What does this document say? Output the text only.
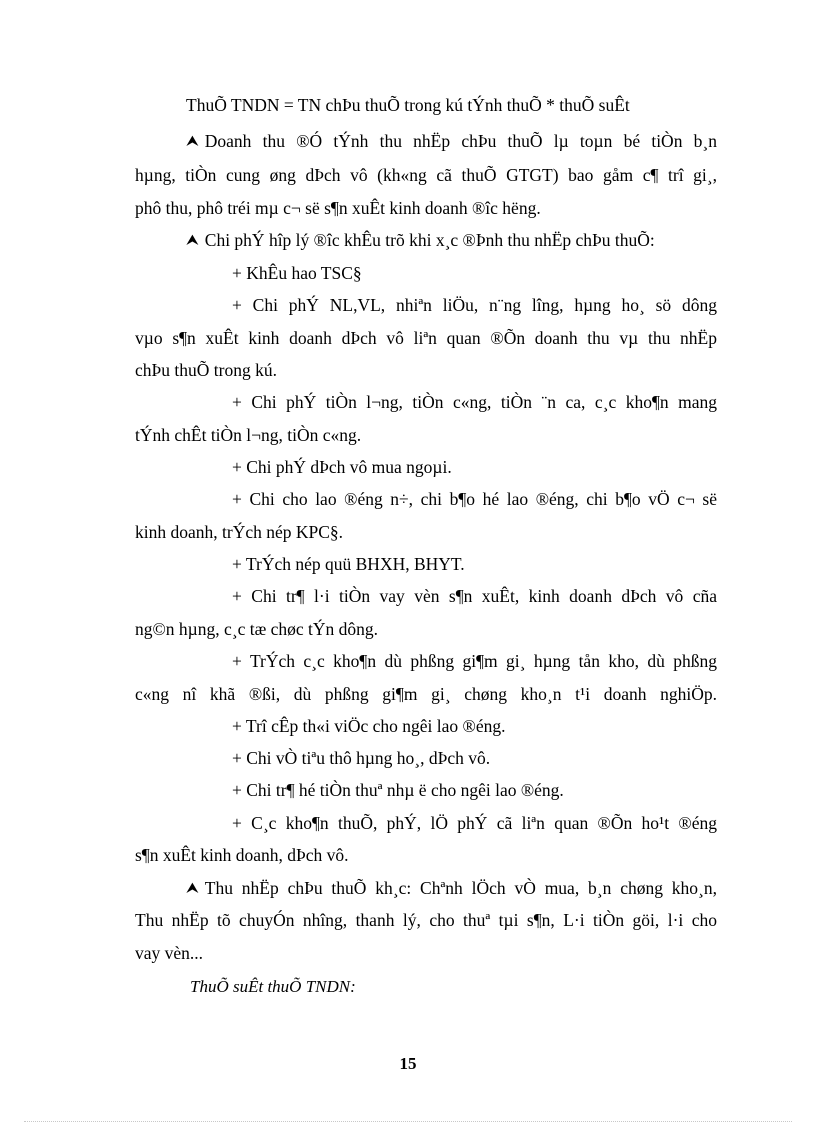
ThuÕ TNDN = TN chÞu thuÕ trong kú tÝnh thuÕ * thuÕ suÊt
⮝ Doanh thu ®Ó tÝnh thu nhËp chÞu thuÕ lµ toµn bé tiÒn b¸n
hµng, tiÒn cung øng dÞch vô (kh«ng cã thuÕ GTGT) bao gåm c¶ trî gi¸,
phô thu, phô tréi mµ c¬ së s¶n xuÊt kinh doanh ®îc hëng.
⮝ Chi phÝ hîp lý ®îc khÊu trõ khi x¸c ®Þnh thu nhËp chÞu thuÕ:
+ KhÊu hao TSC§
+ Chi phÝ NL,VL, nhiªn liÖu, n¨ng lîng, hµng ho¸ sö dông
vµo s¶n xuÊt kinh doanh dÞch vô liªn quan ®Õn doanh thu vµ thu nhËp
chÞu thuÕ trong kú.
+ Chi phÝ tiÒn l¬ng, tiÒn c«ng, tiÒn ¨n ca, c¸c kho¶n mang
tÝnh chÊt tiÒn l¬ng, tiÒn c«ng.
+ Chi phÝ dÞch vô mua ngoµi.
+ Chi cho lao ®éng n÷, chi b¶o hé lao ®éng, chi b¶o vÖ c¬ së
kinh doanh, trÝch nép KPC§.
+ TrÝch nép quü BHXH, BHYT.
+ Chi tr¶ l·i tiÒn vay vèn s¶n xuÊt, kinh doanh dÞch vô cña
ng©n hµng, c¸c tæ chøc tÝn dông.
+ TrÝch c¸c kho¶n dù phßng gi¶m gi¸ hµng tån kho, dù phßng
c«ng nî khã ®ßi, dù phßng gi¶m gi¸ chøng kho¸n t¹i doanh nghiÖp.
+ Trî cÊp th«i viÖc cho ngêi lao ®éng.
+ Chi vÒ tiªu thô hµng ho¸, dÞch vô.
+ Chi tr¶ hé tiÒn thuª nhµ ë cho ngêi lao ®éng.
+ C¸c kho¶n thuÕ, phÝ, lÖ phÝ cã liªn quan ®Õn ho¹t ®éng
s¶n xuÊt kinh doanh, dÞch vô.
⮝ Thu nhËp chÞu thuÕ kh¸c: Chªnh lÖch vÒ mua, b¸n chøng kho¸n,
Thu nhËp tõ chuyÓn nhîng, thanh lý, cho thuª tµi s¶n, L·i tiÒn göi, l·i cho
vay vèn...
ThuÕ suÊt thuÕ TNDN:
15
